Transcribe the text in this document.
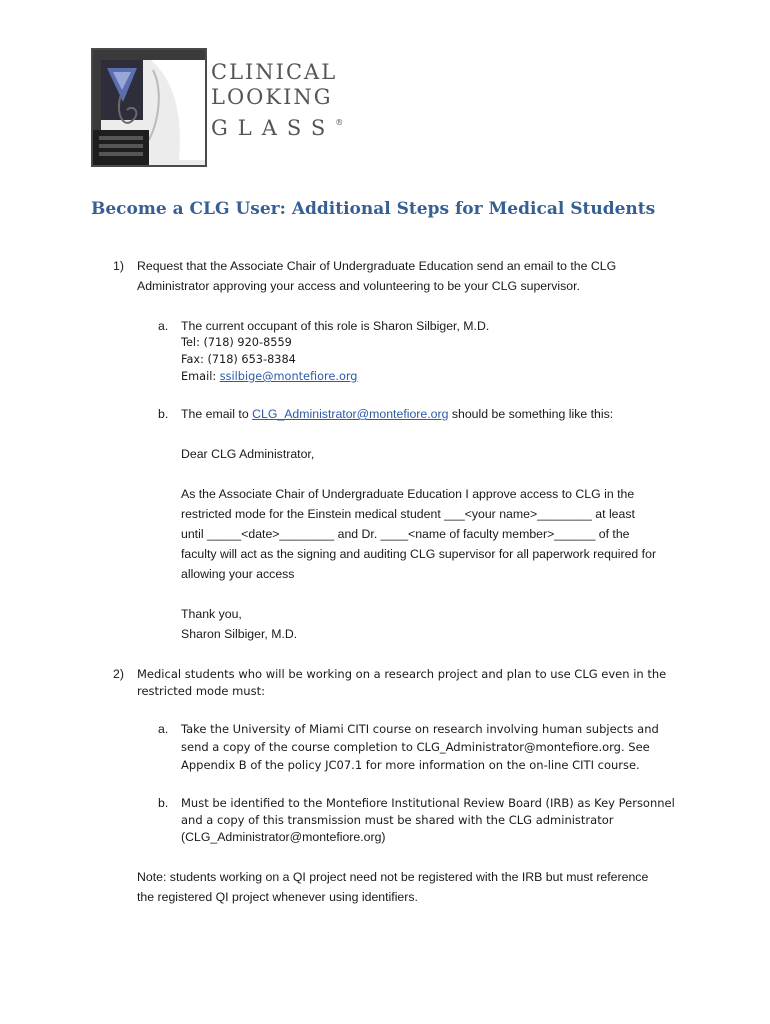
CLINICAL
LOOKING
GLASS®
Become a CLG User: Additional Steps for Medical Students
1) Request that the Associate Chair of Undergraduate Education send an email to the CLG
Administrator approving your access and volunteering to be your CLG supervisor.
a. The current occupant of this role is Sharon Silbiger, M.D.
Tel: (718) 920-8559
Fax: (718) 653-8384
Email: ssilbige@montefiore.org
b. The email to CLG_Administrator@montefiore.org should be something like this:
Dear CLG Administrator,
As the Associate Chair of Undergraduate Education I approve access to CLG in the
restricted mode for the Einstein medical student ___<your name>________ at least
until _____<date>________ and Dr. ____<name of faculty member>______ of the
faculty will act as the signing and auditing CLG supervisor for all paperwork required for
allowing your access
Thank you,
Sharon Silbiger, M.D.
2) Medical students who will be working on a research project and plan to use CLG even in the
restricted mode must:
a. Take the University of Miami CITI course on research involving human subjects and
send a copy of the course completion to CLG_Administrator@montefiore.org. See
Appendix B of the policy JC07.1 for more information on the on-line CITI course.
b. Must be identified to the Montefiore Institutional Review Board (IRB) as Key Personnel
and a copy of this transmission must be shared with the CLG administrator
(CLG_Administrator@montefiore.org)
Note: students working on a QI project need not be registered with the IRB but must reference
the registered QI project whenever using identifiers.
